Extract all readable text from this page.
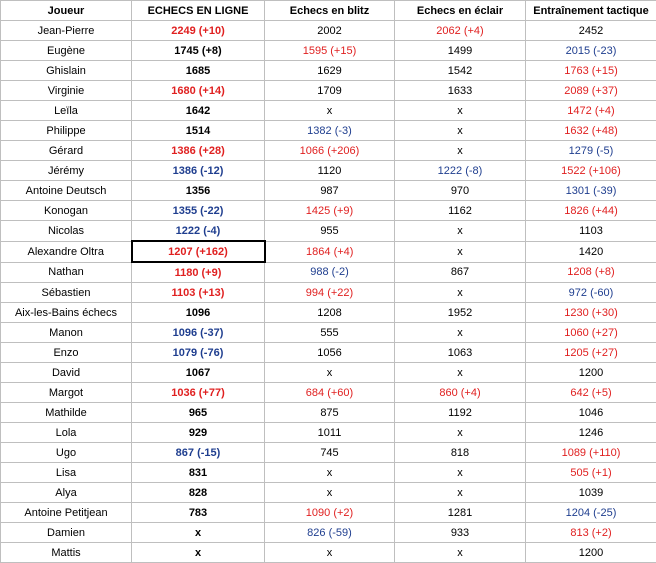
Joueur	ECHECS EN LIGNE	Echecs en blitz	Echecs en éclair	Entraînement tactique
Jean-Pierre	2249 (+10)	2002	2062 (+4)	2452
Eugène	1745 (+8)	1595 (+15)	1499	2015 (-23)
Ghislain	1685	1629	1542	1763 (+15)
Virginie	1680 (+14)	1709	1633	2089 (+37)
Leïla	1642	x	x	1472 (+4)
Philippe	1514	1382 (-3)	x	1632 (+48)
Gérard	1386 (+28)	1066 (+206)	x	1279 (-5)
Jérémy	1386 (-12)	1120	1222 (-8)	1522 (+106)
Antoine Deutsch	1356	987	970	1301 (-39)
Konogan	1355 (-22)	1425 (+9)	1162	1826 (+44)
Nicolas	1222 (-4)	955	x	1103
Alexandre Oltra	1207 (+162)	1864 (+4)	x	1420
Nathan	1180 (+9)	988 (-2)	867	1208 (+8)
Sébastien	1103 (+13)	994 (+22)	x	972 (-60)
Aix-les-Bains échecs	1096	1208	1952	1230 (+30)
Manon	1096 (-37)	555	x	1060 (+27)
Enzo	1079 (-76)	1056	1063	1205 (+27)
David	1067	x	x	1200
Margot	1036 (+77)	684 (+60)	860 (+4)	642 (+5)
Mathilde	965	875	1192	1046
Lola	929	1011	x	1246
Ugo	867 (-15)	745	818	1089 (+110)
Lisa	831	x	x	505 (+1)
Alya	828	x	x	1039
Antoine Petitjean	783	1090 (+2)	1281	1204 (-25)
Damien	x	826 (-59)	933	813 (+2)
Mattis	x	x	x	1200
